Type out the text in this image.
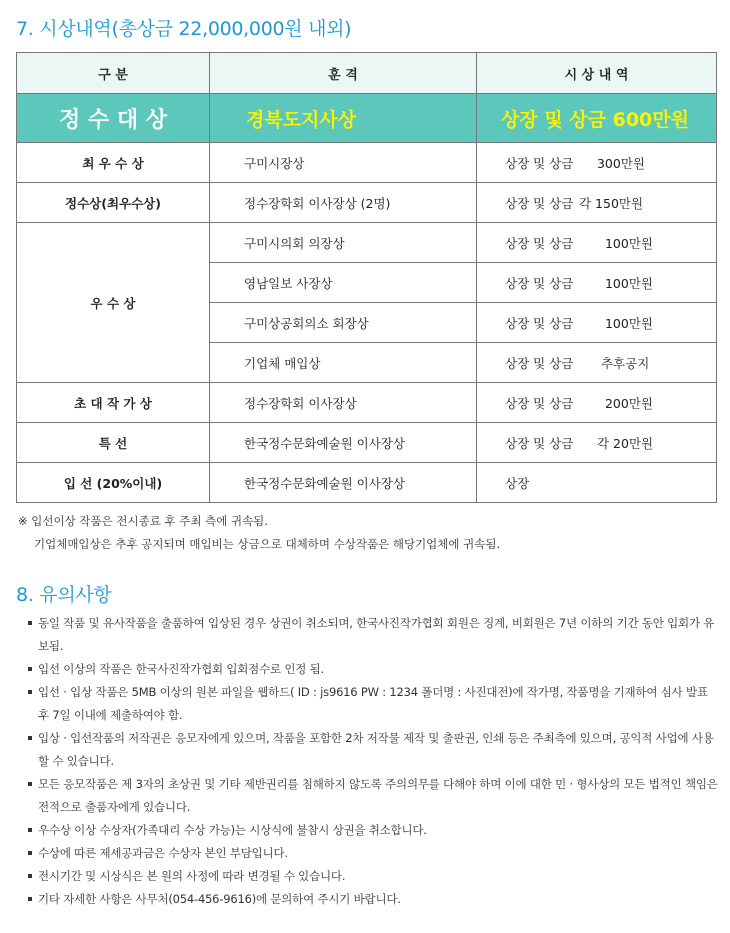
7. 시상내역(총상금 22,000,000원 내외)
구 분	훈 격	시 상 내 역
정 수 대 상	경북도지사상	상장 및 상금 600만원
최 우 수 상	구미시장상	상장 및 상금 300만원
정수상(최우수상)	정수장학회 이사장상 (2명)	상장 및 상금 각 150만원
우 수 상	구미시의회 의장상	상장 및 상금 100만원
	영남일보 사장상	상장 및 상금 100만원
	구미상공회의소 회장상	상장 및 상금 100만원
	기업체 매입상	상장 및 상금 추후공지
초 대 작 가 상	정수장학회 이사장상	상장 및 상금 200만원
특 선	한국정수문화예술원 이사장상	상장 및 상금 각 20만원
입 선 (20%이내)	한국정수문화예술원 이사장상	상장
※ 입선이상 작품은 전시종료 후 주최 측에 귀속됨.
기업체매입상은 추후 공지되며 매입비는 상금으로 대체하며 수상작품은 해당기업체에 귀속됨.
8. 유의사항
동일 작품 및 유사작품을 출품하여 입상된 경우 상권이 취소되며, 한국사진작가협회 회원은 징계, 비회원은 7년 이하의 기간 동안 입회가 유보됨.
입선 이상의 작품은 한국사진작가협회 입회점수로 인정 됨.
입선 · 입상 작품은 5MB 이상의 원본 파일을 웹하드( ID : js9616 PW : 1234 폴더명 : 사진대전)에 작가명, 작품명을 기재하여 심사 발표 후 7일 이내에 제출하여야 함.
입상 · 입선작품의 저작권은 응모자에게 있으며, 작품을 포함한 2차 저작물 제작 및 출판권, 인쇄 등은 주최측에 있으며, 공익적 사업에 사용할 수 있습니다.
모든 응모작품은 제 3자의 초상권 및 기타 제반권리를 침해하지 않도록 주의의무를 다해야 하며 이에 대한 민 · 형사상의 모든 법적인 책임은 전적으로 출품자에게 있습니다.
우수상 이상 수상자(가족대리 수상 가능)는 시상식에 불참시 상권을 취소합니다.
수상에 따른 제세공과금은 수상자 본인 부담입니다.
전시기간 및 시상식은 본 원의 사정에 따라 변경될 수 있습니다.
기타 자세한 사항은 사무처(054-456-9616)에 문의하여 주시기 바랍니다.
